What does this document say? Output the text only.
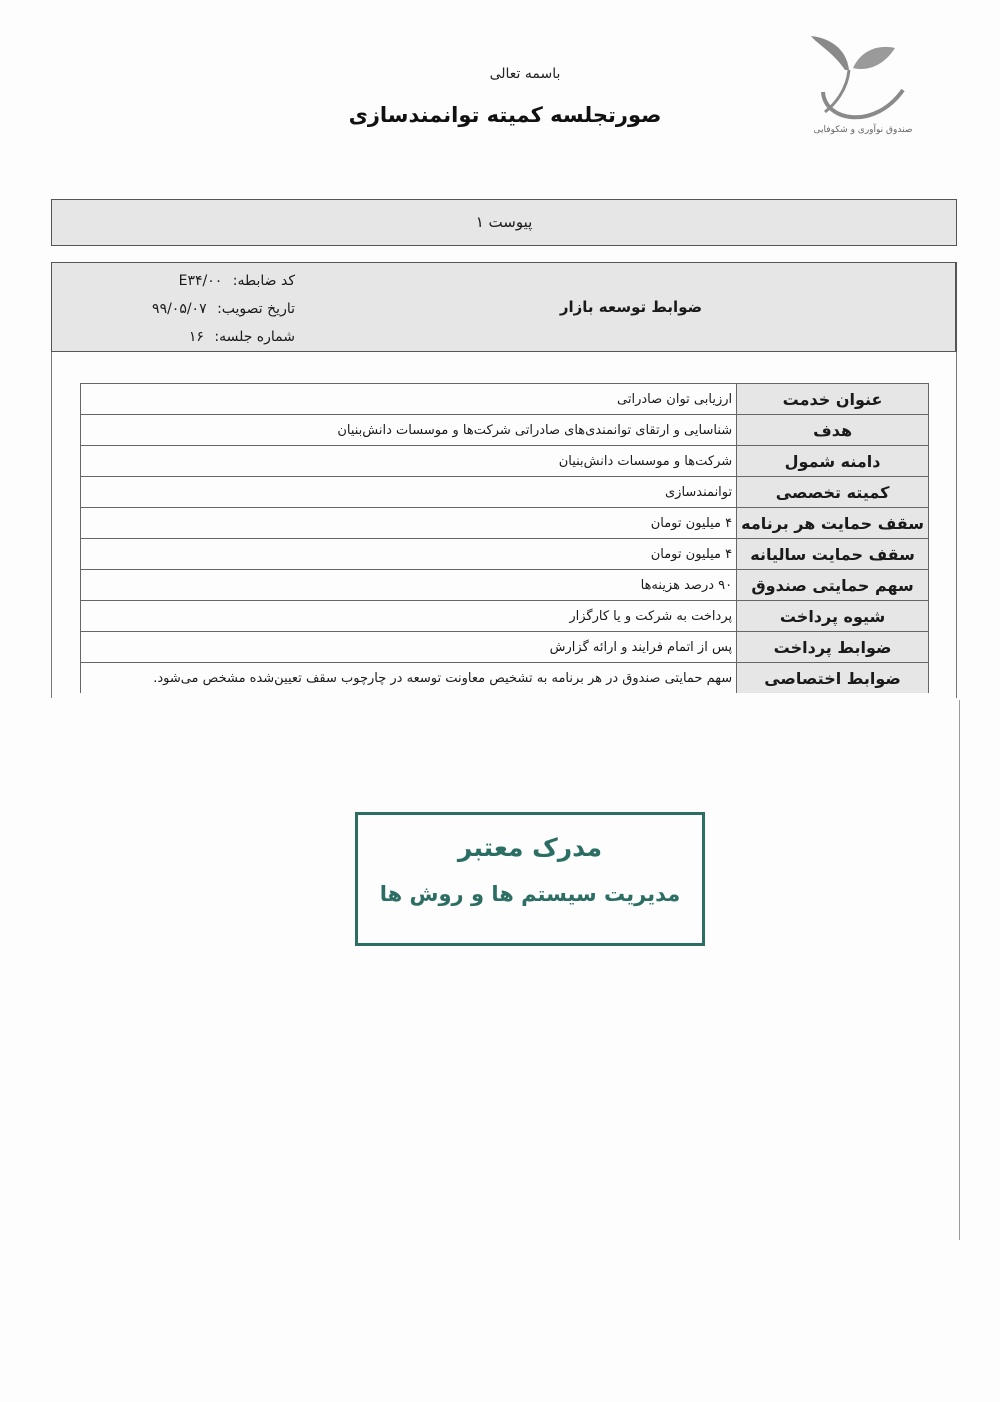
صندوق نوآوری و شکوفایی
باسمه تعالی
صورتجلسه کمیته توانمندسازی
پیوست ۱
کد ضابطه: E۳۴/۰۰
تاریخ تصویب: ۹۹/۰۵/۰۷
شماره جلسه: ۱۶
ضوابط توسعه بازار
عنوان خدمت	ارزیابی توان صادراتی
هدف	شناسایی و ارتقای توانمندی‌های صادراتی شرکت‌ها و موسسات دانش‌بنیان
دامنه شمول	شرکت‌ها و موسسات دانش‌بنیان
کمیته تخصصی	توانمندسازی
سقف حمایت هر برنامه	۴ میلیون تومان
سقف حمایت سالیانه	۴ میلیون تومان
سهم حمایتی صندوق	۹۰ درصد هزینه‌ها
شیوه پرداخت	پرداخت به شرکت و یا کارگزار
ضوابط پرداخت	پس از اتمام فرایند و ارائه گزارش
ضوابط اختصاصی	سهم حمایتی صندوق در هر برنامه به تشخیص معاونت توسعه در چارچوب سقف تعیین‌شده مشخص می‌شود.
مدرک معتبر
مدیریت سیستم ها و روش ها
